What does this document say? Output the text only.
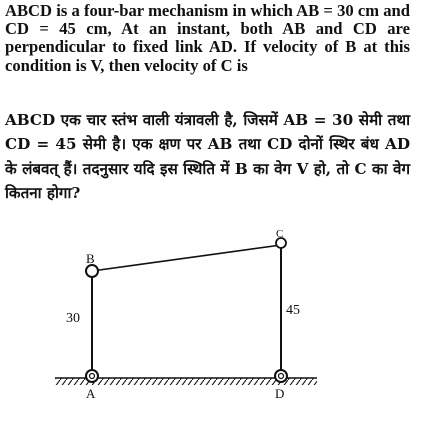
ABCD is a four-bar mechanism in which AB = 30 cm and CD = 45 cm, At an instant, both AB and CD are perpendicular to fixed link AD. If velocity of B at this condition is V, then velocity of C is
ABCD एक चार स्तंभ वाली यंत्रावली है, जिसमें AB = 30 सेमी तथा CD = 45 सेमी है। एक क्षण पर AB तथा CD दोनों स्थिर बंध AD के लंबवत् हैं। तदनुसार यदि इस स्थिति में B का वेग V हो, तो C का वेग कितना होगा?
A	D
B
C
30
45
